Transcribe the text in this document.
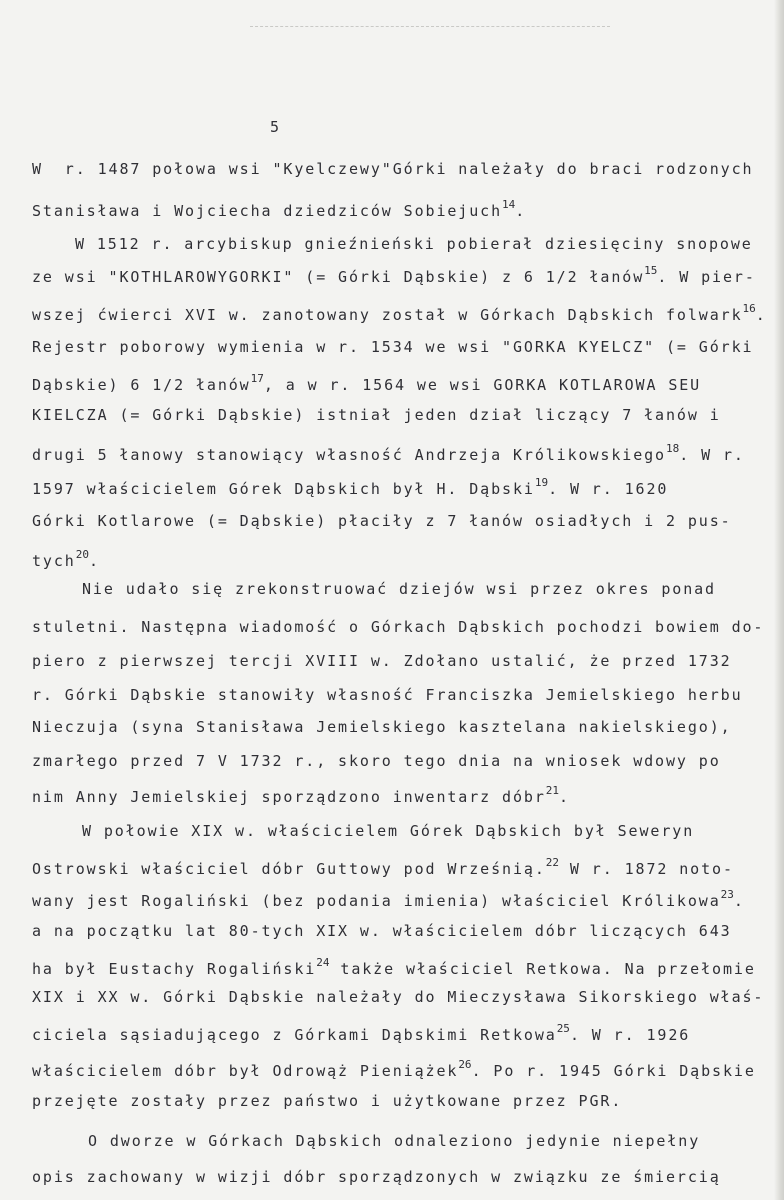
5
W  r. 1487 połowa wsi "Kyelczewy"Górki należały do braci rodzonych
Stanisława i Wojciecha dziedziców Sobiejuch$^{14}$.
W 1512 r. arcybiskup gnieźnieński pobierał dziesięciny snopowe
ze wsi "KOTHLAROWYGORKI" (= Górki Dąbskie) z 6 1/2 łanów$^{15}$. W pier-
wszej ćwierci XVI w. zanotowany został w Górkach Dąbskich folwark$^{16}$.
Rejestr poborowy wymienia w r. 1534 we wsi "GORKA KYELCZ" (= Górki
Dąbskie) 6 1/2 łanów$^{17}$, a w r. 1564 we wsi GORKA KOTLAROWA SEU
KIELCZA (= Górki Dąbskie) istniał jeden dział liczący 7 łanów i
drugi 5 łanowy stanowiący własność Andrzeja Królikowskiego$^{18}$. W r.
1597 właścicielem Górek Dąbskich był H. Dąbski$^{19}$. W r. 1620
Górki Kotlarowe (= Dąbskie) płaciły z 7 łanów osiadłych i 2 pus-
tych$^{20}$.
Nie udało się zrekonstruować dziejów wsi przez okres ponad
stuletni. Następna wiadomość o Górkach Dąbskich pochodzi bowiem do-
piero z pierwszej tercji XVIII w. Zdołano ustalić, że przed 1732
r. Górki Dąbskie stanowiły własność Franciszka Jemielskiego herbu
Nieczuja (syna Stanisława Jemielskiego kasztelana nakielskiego),
zmarłego przed 7 V 1732 r., skoro tego dnia na wniosek wdowy po
nim Anny Jemielskiej sporządzono inwentarz dóbr$^{21}$.
W połowie XIX w. właścicielem Górek Dąbskich był Seweryn
Ostrowski właściciel dóbr Guttowy pod Wrześnią.$^{22}$ W r. 1872 noto-
wany jest Rogaliński (bez podania imienia) właściciel Królikowa$^{23}$.
a na początku lat 80-tych XIX w. właścicielem dóbr liczących 643
ha był Eustachy Rogaliński$^{24}$ także właściciel Retkowa. Na przełomie
XIX i XX w. Górki Dąbskie należały do Mieczysława Sikorskiego właś-
ciciela sąsiadującego z Górkami Dąbskimi Retkowa$^{25}$. W r. 1926
właścicielem dóbr był Odrowąż Pieniążek$^{26}$. Po r. 1945 Górki Dąbskie
przejęte zostały przez państwo i użytkowane przez PGR.
O dworze w Górkach Dąbskich odnaleziono jedynie niepełny
opis zachowany w wizji dóbr sporządzonych w związku ze śmiercią
